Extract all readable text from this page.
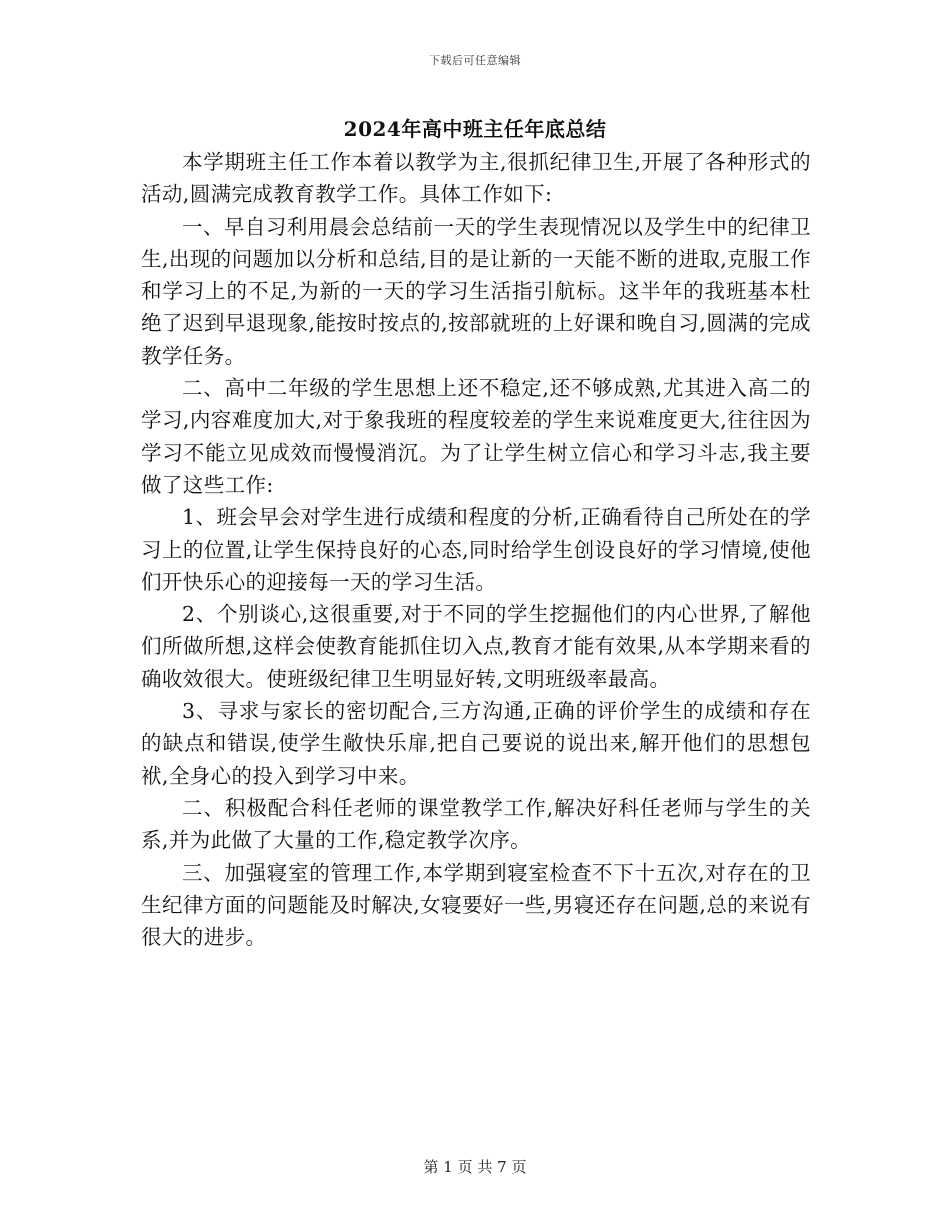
下载后可任意编辑
2024年高中班主任年底总结

本学期班主任工作本着以教学为主,很抓纪律卫生,开展了各种形式的活动,圆满完成教育教学工作。具体工作如下:

一、早自习利用晨会总结前一天的学生表现情况以及学生中的纪律卫生,出现的问题加以分析和总结,目的是让新的一天能不断的进取,克服工作和学习上的不足,为新的一天的学习生活指引航标。这半年的我班基本杜绝了迟到早退现象,能按时按点的,按部就班的上好课和晚自习,圆满的完成教学任务。

二、高中二年级的学生思想上还不稳定,还不够成熟,尤其进入高二的学习,内容难度加大,对于象我班的程度较差的学生来说难度更大,往往因为学习不能立见成效而慢慢消沉。为了让学生树立信心和学习斗志,我主要做了这些工作:

1、班会早会对学生进行成绩和程度的分析,正确看待自己所处在的学习上的位置,让学生保持良好的心态,同时给学生创设良好的学习情境,使他们开快乐心的迎接每一天的学习生活。

2、个别谈心,这很重要,对于不同的学生挖掘他们的内心世界,了解他们所做所想,这样会使教育能抓住切入点,教育才能有效果,从本学期来看的确收效很大。使班级纪律卫生明显好转,文明班级率最高。

3、寻求与家长的密切配合,三方沟通,正确的评价学生的成绩和存在的缺点和错误,使学生敞快乐扉,把自己要说的说出来,解开他们的思想包袱,全身心的投入到学习中来。

二、积极配合科任老师的课堂教学工作,解决好科任老师与学生的关系,并为此做了大量的工作,稳定教学次序。

三、加强寝室的管理工作,本学期到寝室检查不下十五次,对存在的卫生纪律方面的问题能及时解决,女寝要好一些,男寝还存在问题,总的来说有很大的进步。

第 1 页 共 7 页
